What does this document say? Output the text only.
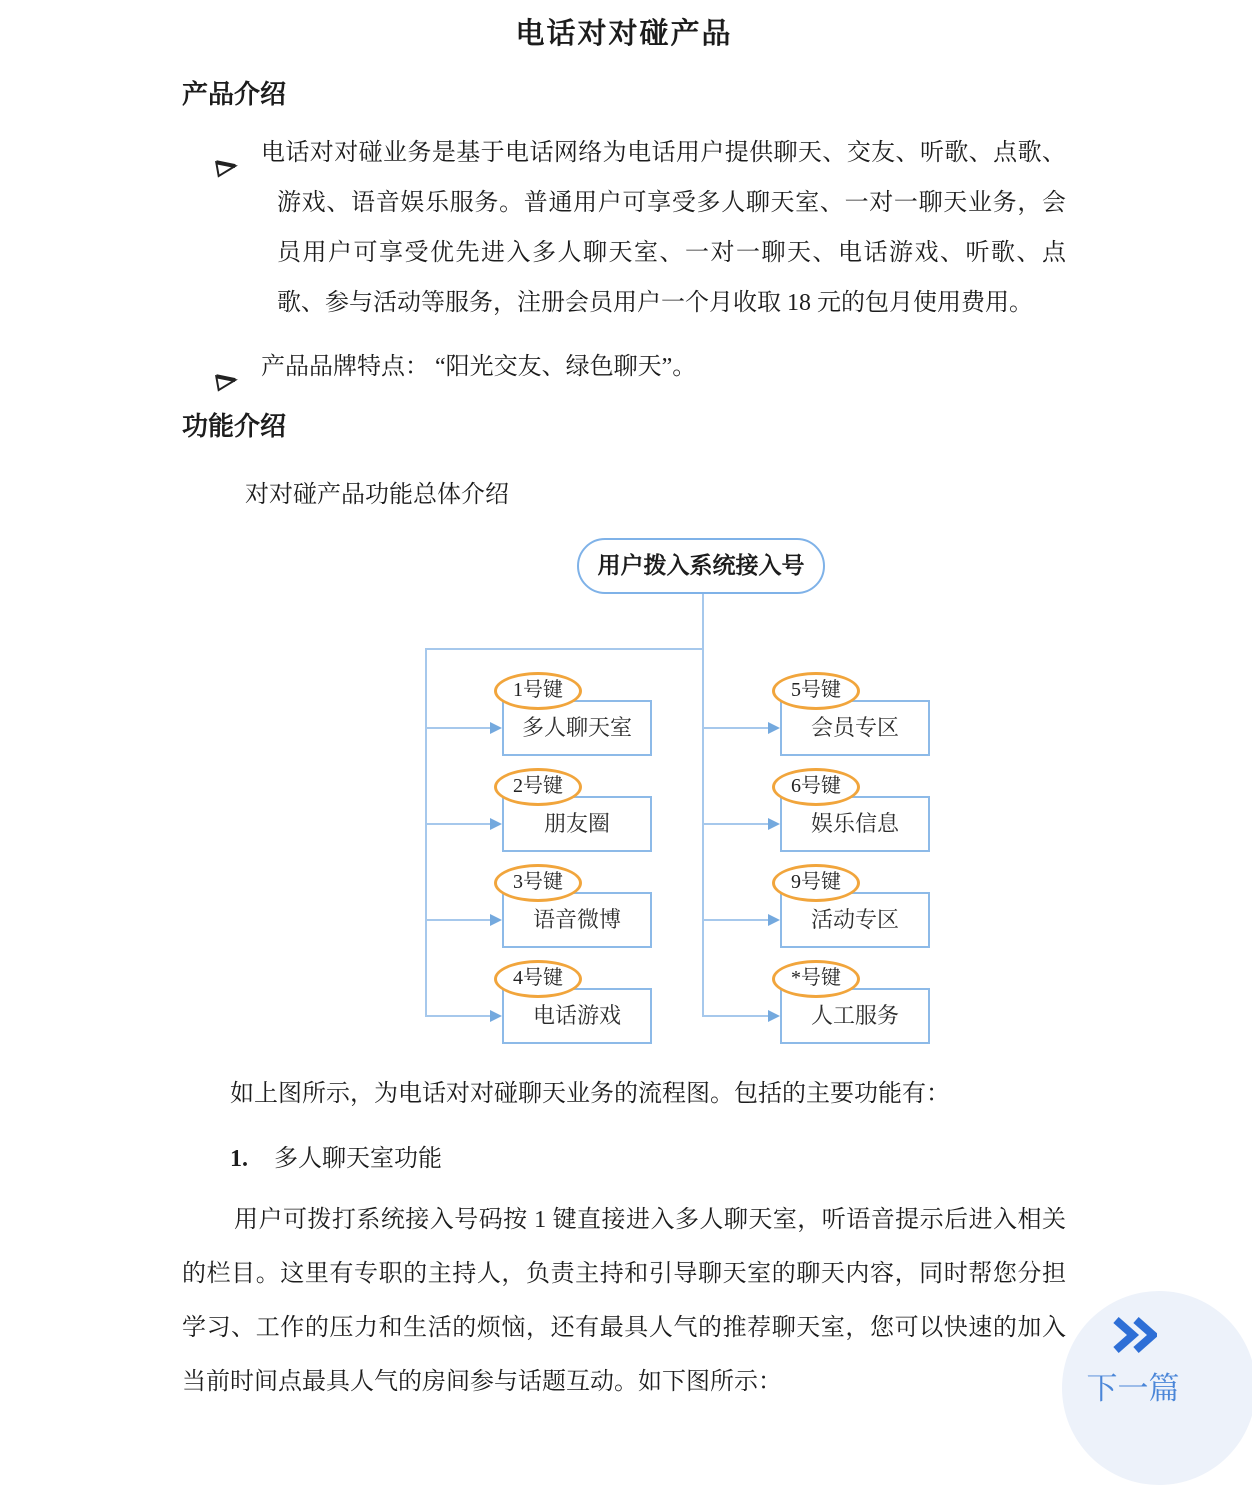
电话对对碰产品
产品介绍
电话对对碰业务是基于电话网络为电话用户提供聊天、交友、听歌、点歌、游戏、语音娱乐服务。普通用户可享受多人聊天室、一对一聊天业务，会员用户可享受优先进入多人聊天室、一对一聊天、电话游戏、听歌、点歌、参与活动等服务，注册会员用户一个月收取 18 元的包月使用费用。
产品品牌特点： “阳光交友、绿色聊天”。
功能介绍
对对碰产品功能总体介绍
用户拨入系统接入号
1号键
多人聊天室
2号键
朋友圈
3号键
语音微博
4号键
电话游戏
5号键
会员专区
6号键
娱乐信息
9号键
活动专区
*号键
人工服务

如上图所示，为电话对对碰聊天业务的流程图。包括的主要功能有：

1. 多人聊天室功能

用户可拨打系统接入号码按 1 键直接进入多人聊天室，听语音提示后进入相关的栏目。这里有专职的主持人，负责主持和引导聊天室的聊天内容，同时帮您分担学习、工作的压力和生活的烦恼，还有最具人气的推荐聊天室，您可以快速的加入当前时间点最具人气的房间参与话题互动。如下图所示：	下一篇
